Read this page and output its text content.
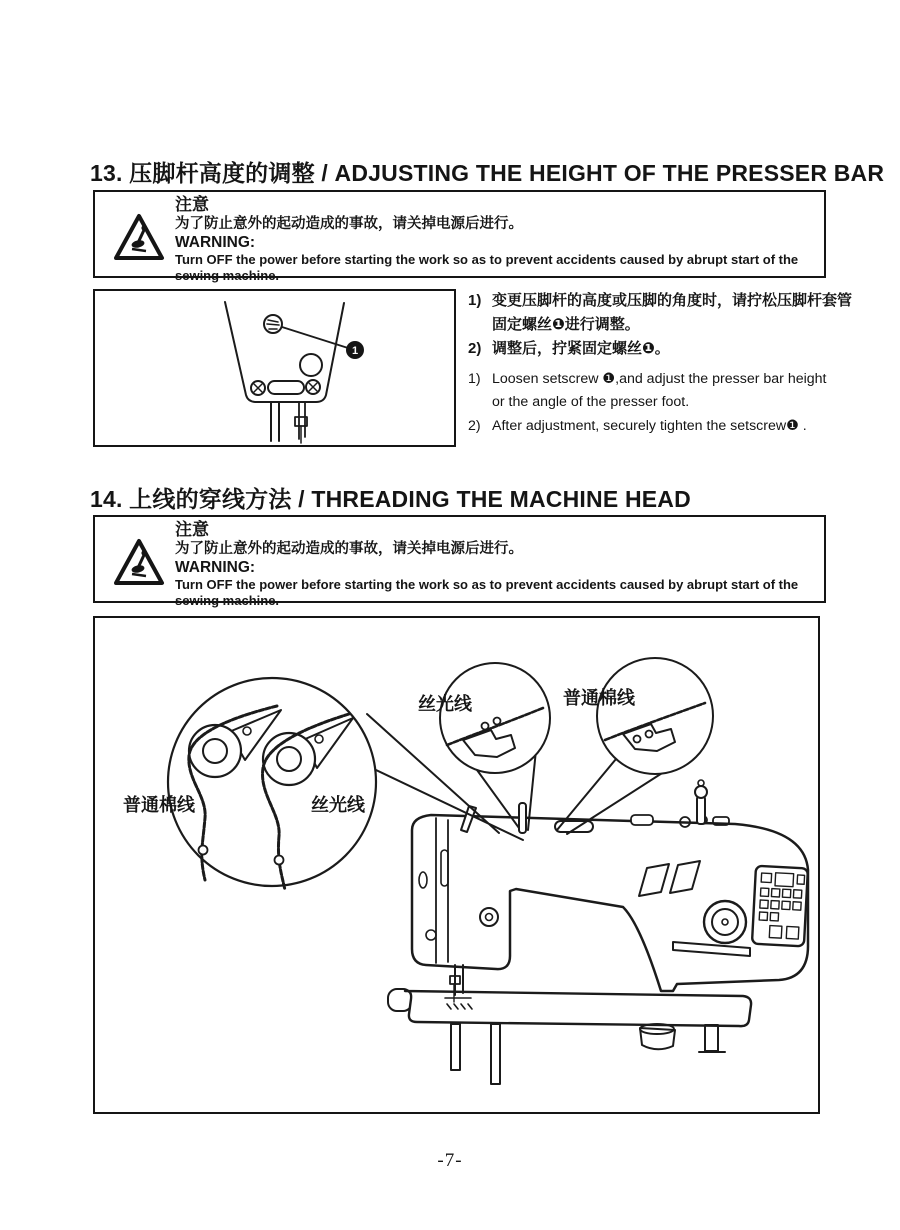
13. 压脚杆高度的调整 / ADJUSTING THE HEIGHT OF THE PRESSER BAR
注意
为了防止意外的起动造成的事故，请关掉电源后进行。
WARNING:
Turn OFF the power before starting the work so as to prevent accidents caused by abrupt start of the sewing machine.
1
1) 变更压脚杆的高度或压脚的角度时，请拧松压脚杆套管
固定螺丝❶进行调整。
2) 调整后，拧紧固定螺丝❶。
1) Loosen setscrew ❶,and adjust the presser bar height
or the angle of the presser foot.
2) After adjustment, securely tighten the setscrew❶ .
14. 上线的穿线方法 / THREADING THE MACHINE HEAD
注意
为了防止意外的起动造成的事故，请关掉电源后进行。
WARNING:
Turn OFF the power before starting the work so as to prevent accidents caused by abrupt start of the sewing machine.
普通棉线	丝光线
丝光线	普通棉线
-7-
